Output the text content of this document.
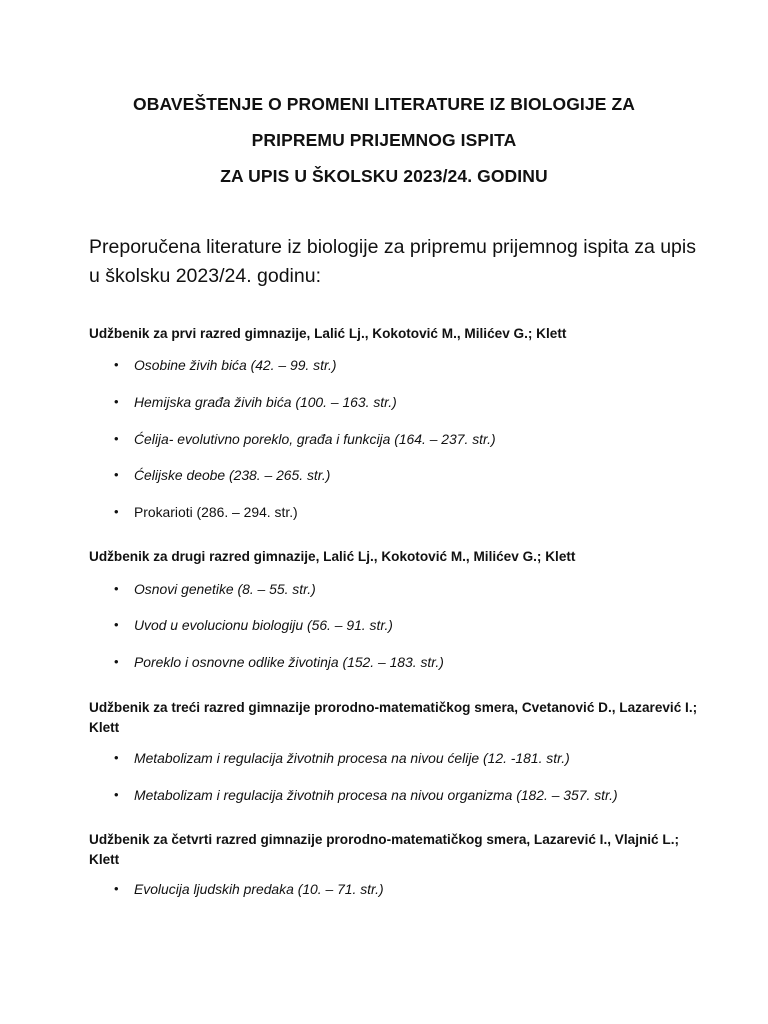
OBAVEŠTENJE O PROMENI LITERATURE IZ BIOLOGIJE ZA

PRIPREMU PRIJEMNOG ISPITA

ZA UPIS U ŠKOLSKU 2023/24. GODINU

Preporučena literature iz biologije za pripremu prijemnog ispita za upis u školsku 2023/24. godinu:

Udžbenik za prvi razred gimnazije, Lalić Lj., Kokotović M., Milićev G.; Klett

• Osobine živih bića (42. – 99. str.)
• Hemijska građa živih bića (100. – 163. str.)
• Ćelija- evolutivno poreklo, građa i funkcija (164. – 237. str.)
• Ćelijske deobe (238. – 265. str.)
• Prokarioti (286. – 294. str.)

Udžbenik za drugi razred gimnazije, Lalić Lj., Kokotović M., Milićev G.; Klett

• Osnovi genetike (8. – 55. str.)
• Uvod u evolucionu biologiju (56. – 91. str.)
• Poreklo i osnovne odlike životinja (152. – 183. str.)

Udžbenik za treći razred gimnazije prorodno-matematičkog smera, Cvetanović D., Lazarević I.; Klett

• Metabolizam i regulacija životnih procesa na nivou ćelije (12. -181. str.)
• Metabolizam i regulacija životnih procesa na nivou organizma (182. – 357. str.)

Udžbenik za četvrti razred gimnazije prorodno-matematičkog smera, Lazarević I., Vlajnić L.; Klett

• Evolucija ljudskih predaka (10. – 71. str.)
